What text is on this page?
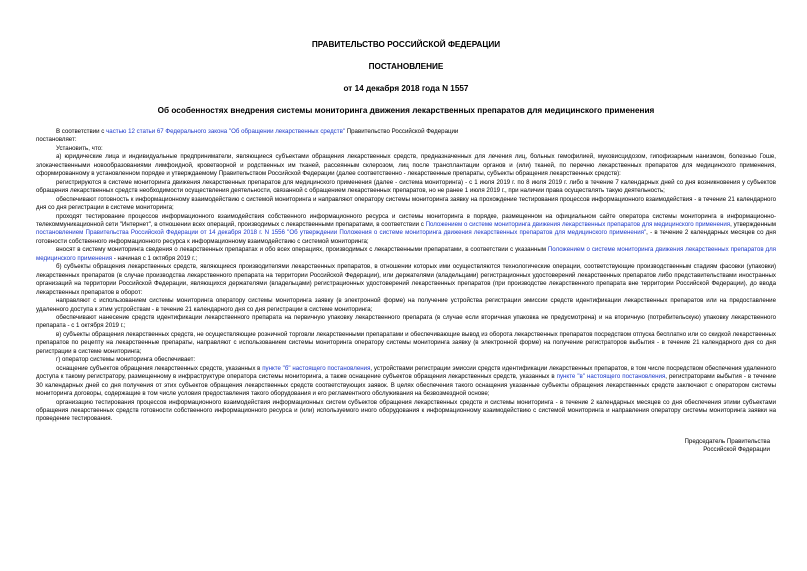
ПРАВИТЕЛЬСТВО РОССИЙСКОЙ ФЕДЕРАЦИИ
ПОСТАНОВЛЕНИЕ
от 14 декабря 2018 года N 1557
Об особенностях внедрения системы мониторинга движения лекарственных препаратов для медицинского применения

В соответствии с частью 12 статьи 67 Федерального закона "Об обращении лекарственных средств" Правительство Российской Федерации

постановляет:

Установить, что:

а) юридические лица и индивидуальные предприниматели, являющиеся субъектами обращения лекарственных средств, предназначенных для лечения лиц, больных гемофилией, муковисцидозом, гипофизарным нанизмом, болезнью Гоше, злокачественными новообразованиями лимфоидной, кроветворной и родственных им тканей, рассеянным склерозом, лиц после трансплантации органов и (или) тканей, по перечню лекарственных препаратов для медицинского применения, сформированному в установленном порядке и утверждаемому Правительством Российской Федерации (далее соответственно - лекарственные препараты, субъекты обращения лекарственных средств):

регистрируются в системе мониторинга движения лекарственных препаратов для медицинского применения (далее - система мониторинга) - с 1 июля 2019 г. по 8 июля 2019 г. либо в течение 7 календарных дней со дня возникновения у субъектов обращения лекарственных средств необходимости осуществления деятельности, связанной с обращением лекарственных препаратов, но не ранее 1 июля 2019 г., при наличии права осуществлять такую деятельность;

обеспечивают готовность к информационному взаимодействию с системой мониторинга и направляют оператору системы мониторинга заявку на прохождение тестирования процессов информационного взаимодействия - в течение 21 календарного дня со дня регистрации в системе мониторинга;

проходят тестирование процессов информационного взаимодействия собственного информационного ресурса и системы мониторинга в порядке, размещенном на официальном сайте оператора системы мониторинга в информационно-телекоммуникационной сети "Интернет", в отношении всех операций, производимых с лекарственными препаратами, в соответствии с Положением о системе мониторинга движения лекарственных препаратов для медицинского применения, утвержденным постановлением Правительства Российской Федерации от 14 декабря 2018 г. N 1556 "Об утверждении Положения о системе мониторинга движения лекарственных препаратов для медицинского применения", - в течение 2 календарных месяцев со дня готовности собственного информационного ресурса к информационному взаимодействию с системой мониторинга;

вносят в систему мониторинга сведения о лекарственных препаратах и обо всех операциях, производимых с лекарственными препаратами, в соответствии с указанным Положением о системе мониторинга движения лекарственных препаратов для медицинского применения - начиная с 1 октября 2019 г.;

б) субъекты обращения лекарственных средств, являющиеся производителями лекарственных препаратов, в отношении которых ими осуществляются технологические операции, соответствующие производственным стадиям фасовки (упаковки) лекарственных препаратов (в случае производства лекарственного препарата на территории Российской Федерации), или держателями (владельцами) регистрационных удостоверений лекарственных препаратов либо представительствами иностранных организаций на территории Российской Федерации, являющихся держателями (владельцами) регистрационных удостоверений лекарственных препаратов (при производстве лекарственного препарата вне территории Российской Федерации), до ввода лекарственных препаратов в оборот:

направляют с использованием системы мониторинга оператору системы мониторинга заявку (в электронной форме) на получение устройства регистрации эмиссии средств идентификации лекарственных препаратов или на предоставление удаленного доступа к этим устройствам - в течение 21 календарного дня со дня регистрации в системе мониторинга;

обеспечивают нанесение средств идентификации лекарственного препарата на первичную упаковку лекарственного препарата (в случае если вторичная упаковка не предусмотрена) и на вторичную (потребительскую) упаковку лекарственного препарата - с 1 октября 2019 г.;

в) субъекты обращения лекарственных средств, не осуществляющие розничной торговли лекарственными препаратами и обеспечивающие вывод из оборота лекарственных препаратов посредством отпуска бесплатно или со скидкой лекарственных препаратов по рецепту на лекарственные препараты, направляют с использованием системы мониторинга оператору системы мониторинга заявку (в электронной форме) на получение регистраторов выбытия - в течение 21 календарного дня со дня регистрации в системе мониторинга;

г) оператор системы мониторинга обеспечивает:

оснащение субъектов обращения лекарственных средств, указанных в пункте "б" настоящего постановления, устройствами регистрации эмиссии средств идентификации лекарственных препаратов, в том числе посредством обеспечения удаленного доступа к такому регистратору, размещенному в инфраструктуре оператора системы мониторинга, а также оснащение субъектов обращения лекарственных средств, указанных в пункте "в" настоящего постановления, регистраторами выбытия - в течение 30 календарных дней со дня получения от этих субъектов обращения лекарственных средств соответствующих заявок. В целях обеспечения такого оснащения указанные субъекты обращения лекарственных средств заключают с оператором системы мониторинга договоры, содержащие в том числе условия предоставления такого оборудования и его регламентного обслуживания на безвозмездной основе;

организацию тестирования процессов информационного взаимодействия информационных систем субъектов обращения лекарственных средств и системы мониторинга - в течение 2 календарных месяцев со дня обеспечения этими субъектами обращения лекарственных средств готовности собственного информационного ресурса и (или) используемого иного оборудования к информационному взаимодействию с системой мониторинга и направления оператору системы мониторинга заявки на проведение тестирования.

Председатель Правительства
Российской Федерации
